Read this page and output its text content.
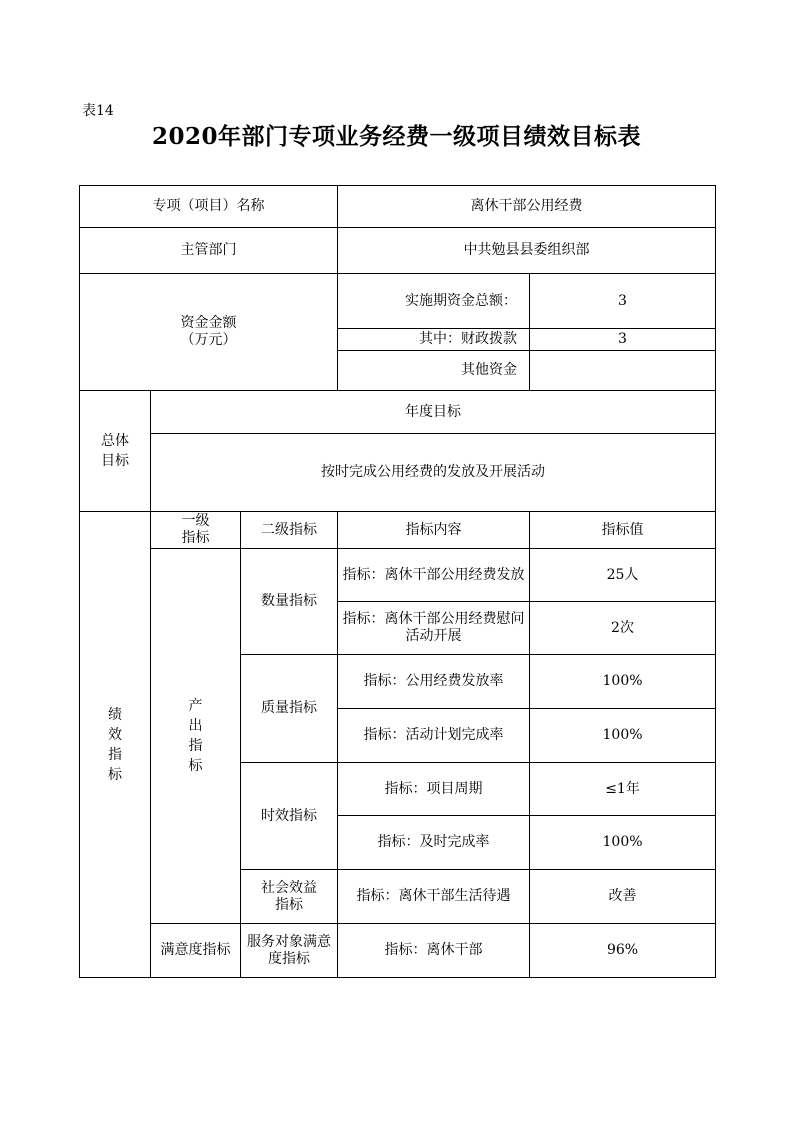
表14
2020年部门专项业务经费一级项目绩效目标表
专项（项目）名称			离休干部公用经费	
主管部门			中共勉县县委组织部	

资金金额
（万元）			实施期资金总额：	3
			其中：财政拨款	3
			其他资金	
总体目标	年度目标			
	按时完成公用经费的发放及开展活动			
绩效指标	一级指标	二级指标	指标内容	指标值
	产出指标	数量指标	指标：离休干部公用经费发放	25人
			指标：离休干部公用经费慰问活动开展	2次
		质量指标	指标：公用经费发放率	100%
			指标：活动计划完成率	100%
		时效指标	指标：项目周期	≤1年
			指标：及时完成率	100%

		社会效益指标	指标：离休干部生活待遇	改善
	满意度指标	服务对象满意度指标	指标：离休干部	96%
